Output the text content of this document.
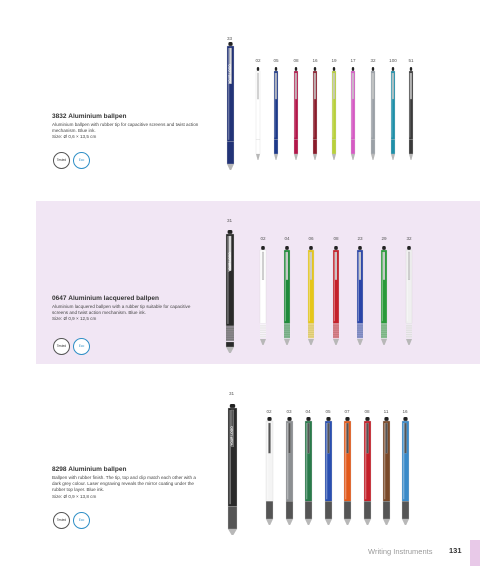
3832 Aluminium ballpen

Aluminium ballpen with rubber tip for capacitive screens and twist action mechanism. Blue ink.

Size: Ø 0,6 × 13,5 cm

Tested	Eco

0647 Aluminium lacquered ballpen

Aluminium lacquered ballpen with a rubber tip suitable for capacitive screens and twist action mechanism. Blue ink.

Size: Ø 0,9 × 12,5 cm

Tested	Eco

8298 Aluminium ballpen

Ballpen with rubber finish. The tip, top and clip match each other with a dark grey colour. Laser engraving reveals the mirror coating under the rubber top layer. Blue ink.

Size: Ø 0,9 × 13,8 cm

Tested	Eco
33
YOUR LOGO
02	05	08	16	19	17	32	100	51
31
YOUR LOGO
02	04	06	08	23	29	32
31
YOUR LOGO
02	03	04	05	07	08	11	16
Writing Instruments 131
